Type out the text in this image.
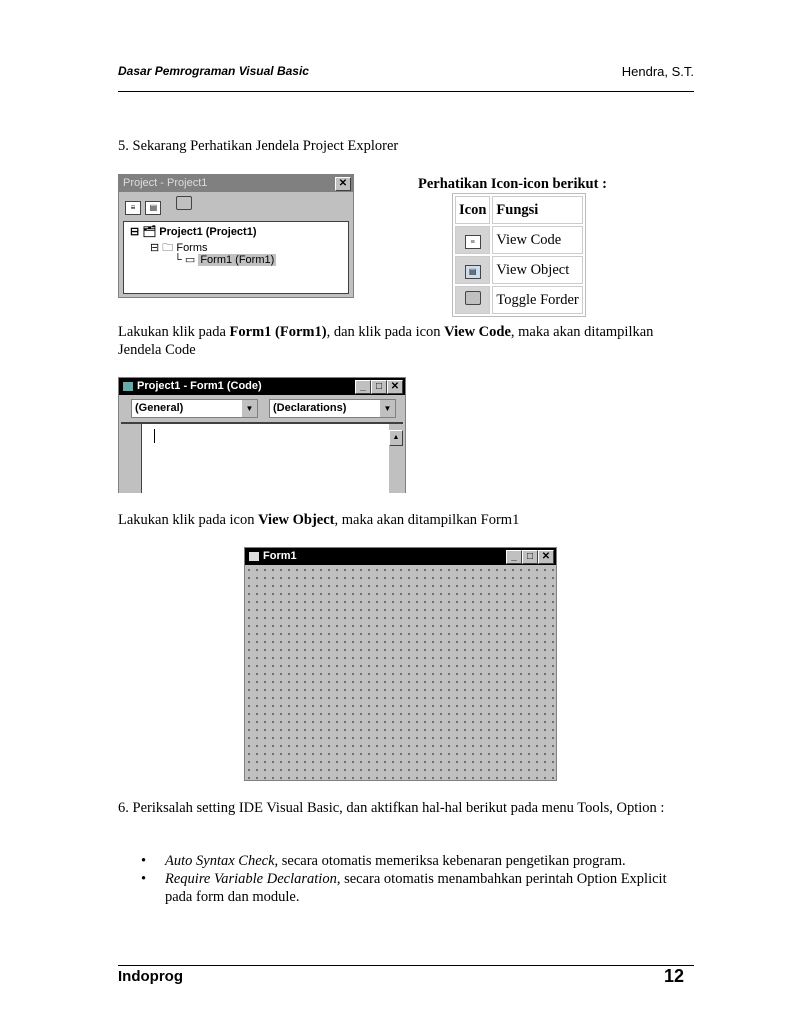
Dasar Pemrograman Visual Basic	Hendra, S.T.
5. Sekarang Perhatikan Jendela Project Explorer
Project - Project1	✕
≡ ▤
⊟ 🗂 Project1 (Project1)
⊟ 🗀 Forms
└ ▭ Form1 (Form1)
Perhatikan Icon-icon berikut :
Icon	Fungsi
≡	View Code
▤	View Object
	Toggle Forder
Lakukan klik pada Form1 (Form1), dan klik pada icon View Code, maka akan ditampilkan Jendela Code
Project1 - Form1 (Code)	_	□ ✕
(General)	▼	(Declarations)	▼
▲
Lakukan klik pada icon View Object, maka akan ditampilkan Form1
Form1	_	□ ✕
6. Periksalah setting IDE Visual Basic, dan aktifkan hal-hal berikut pada menu Tools, Option :
• Auto Syntax Check, secara otomatis memeriksa kebenaran pengetikan program.
• Require Variable Declaration, secara otomatis menambahkan perintah Option Explicit pada form dan module.
Indoprog	12
